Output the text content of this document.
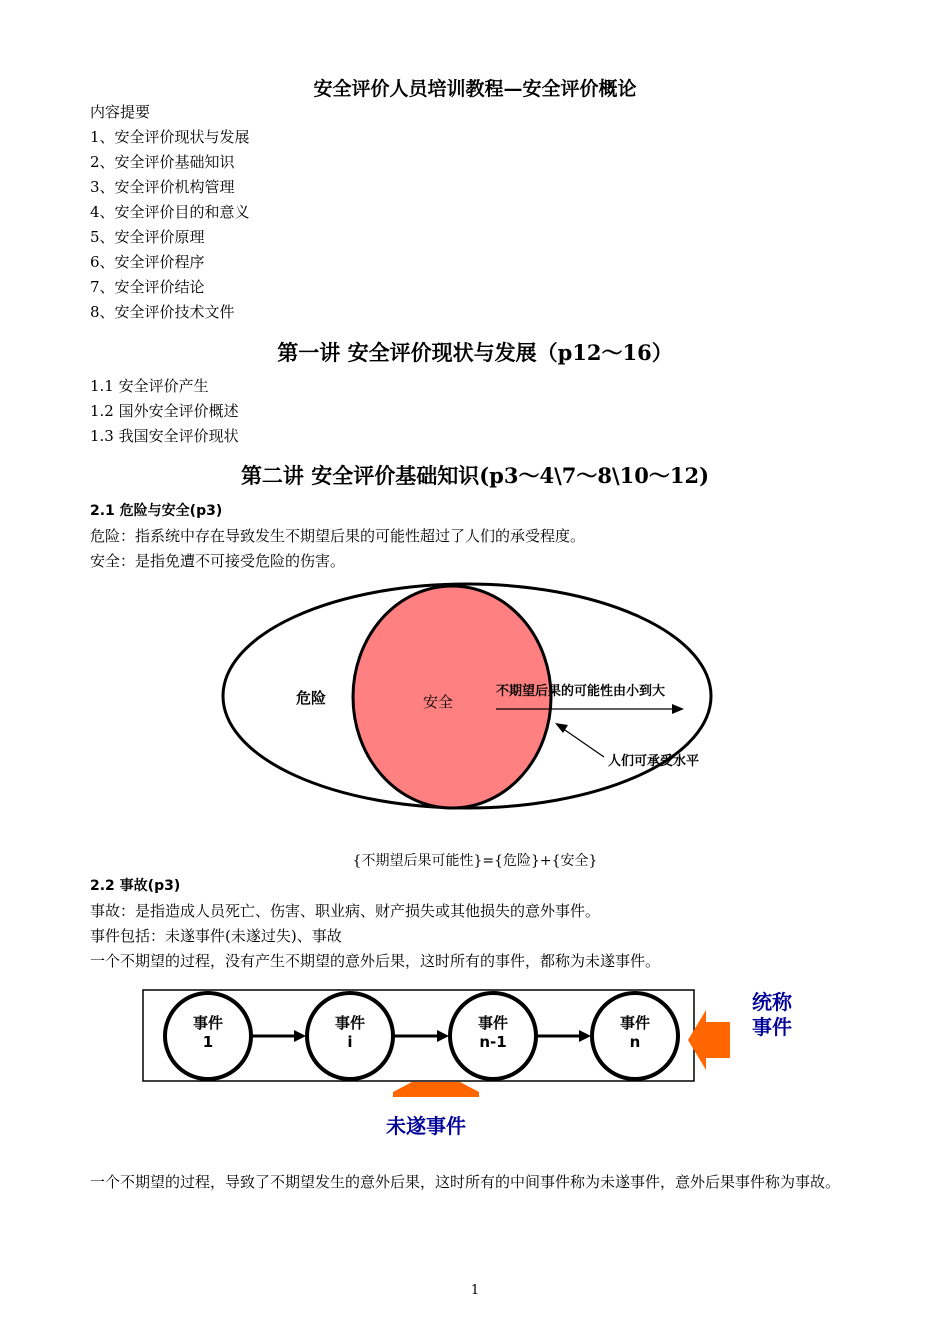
安全评价人员培训教程—安全评价概论
内容提要
1、安全评价现状与发展
2、安全评价基础知识
3、安全评价机构管理
4、安全评价目的和意义
5、安全评价原理
6、安全评价程序
7、安全评价结论
8、安全评价技术文件
第一讲 安全评价现状与发展（p12～16）
1.1 安全评价产生
1.2 国外安全评价概述
1.3 我国安全评价现状
第二讲 安全评价基础知识(p3～4\7～8\10～12)
2.1 危险与安全(p3)
危险：指系统中存在导致发生不期望后果的可能性超过了人们的承受程度。
安全：是指免遭不可接受危险的伤害。
危险	安全
不期望后果的可能性由小到大
人们可承受水平
{不期望后果可能性}={危险}+{安全}
2.2 事故(p3)
事故：是指造成人员死亡、伤害、职业病、财产损失或其他损失的意外事件。
事件包括：未遂事件(未遂过失)、事故
一个不期望的过程，没有产生不期望的意外后果，这时所有的事件，都称为未遂事件。
事件
1
事件
i
事件
n-1
事件
n
统称
事件
未遂事件
一个不期望的过程，导致了不期望发生的意外后果，这时所有的中间事件称为未遂事件，意外后果事件称为事故。
1
